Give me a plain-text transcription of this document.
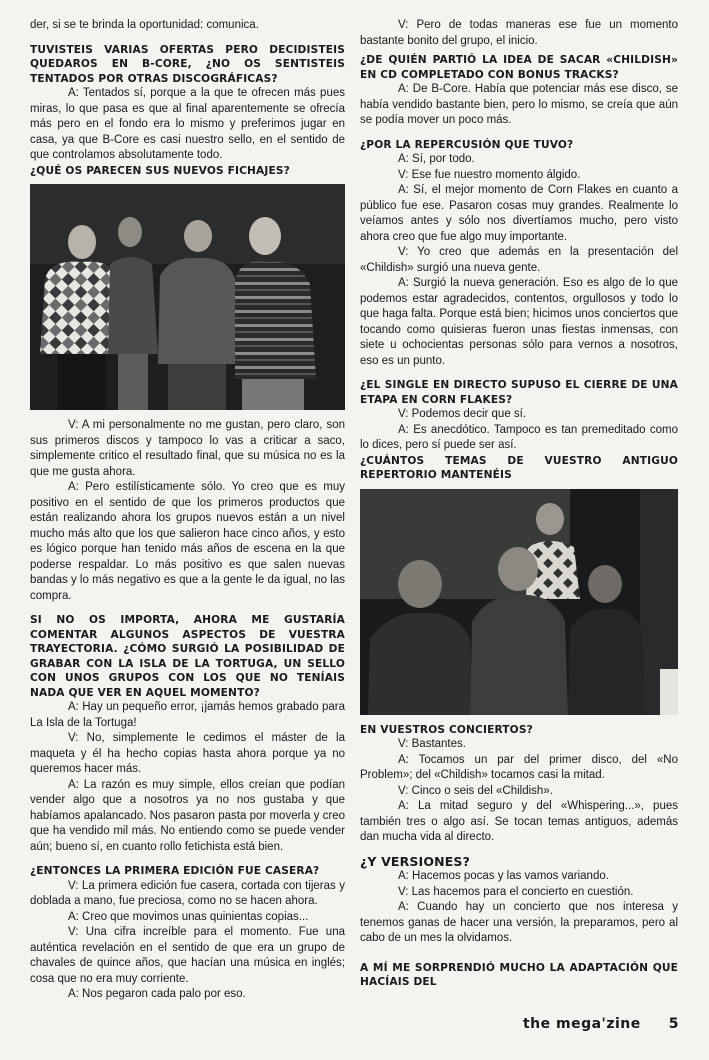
der, si se te brinda la oportunidad: comunica.

TUVISTEIS VARIAS OFERTAS PERO DECIDISTEIS QUEDAROS EN B-CORE, ¿NO OS SENTISTEIS TENTADOS POR OTRAS DISCOGRÁFICAS?

A: Tentados sí, porque a la que te ofrecen más pues miras, lo que pasa es que al final aparentemente se ofrecía más pero en el fondo era lo mismo y preferimos jugar en casa, ya que B-Core es casi nuestro sello, en el sentido de que controlamos absolutamente todo.

¿QUÉ OS PARECEN SUS NUEVOS FICHAJES?

V: A mi personalmente no me gustan, pero claro, son sus primeros discos y tampoco lo vas a criticar a saco, simplemente critico el resultado final, que su música no es la que me gusta ahora.

A: Pero estilísticamente sólo. Yo creo que es muy positivo en el sentido de que los primeros productos que están realizando ahora los grupos nuevos están a un nivel mucho más alto que los que salieron hace cinco años, y esto es lógico porque han tenido más años de escena en la que poderse respaldar. Lo más positivo es que salen nuevas bandas y lo más negativo es que a la gente le da igual, no las compra.

SI NO OS IMPORTA, AHORA ME GUSTARÍA COMENTAR ALGUNOS ASPECTOS DE VUESTRA TRAYECTORIA. ¿CÓMO SURGIÓ LA POSIBILIDAD DE GRABAR CON LA ISLA DE LA TORTUGA, UN SELLO CON UNOS GRUPOS CON LOS QUE NO TENÍAIS NADA QUE VER EN AQUEL MOMENTO?

A: Hay un pequeño error, ¡jamás hemos grabado para La Isla de la Tortuga!

V: No, simplemente le cedimos el máster de la maqueta y él ha hecho copias hasta ahora porque ya no queremos hacer más.

A: La razón es muy simple, ellos creían que podían vender algo que a nosotros ya no nos gustaba y que habíamos apalancado. Nos pasaron pasta por moverla y creo que ha vendido mil más. No entiendo como se puede vender aún; bueno sí, en cuanto rollo fetichista está bien.

¿ENTONCES LA PRIMERA EDICIÓN FUE CASERA?

V: La primera edición fue casera, cortada con tijeras y doblada a mano, fue preciosa, como no se hacen ahora.

A: Creo que movimos unas quinientas copias...

V: Una cifra increíble para el momento. Fue una auténtica revelación en el sentido de que era un grupo de chavales de quince años, que hacían una música en inglés; cosa que no era muy corriente.

A: Nos pegaron cada palo por eso.

V: Pero de todas maneras ese fue un momento bastante bonito del grupo, el inicio.

¿DE QUIÉN PARTIÓ LA IDEA DE SACAR «CHILDISH» EN CD COMPLETADO CON BONUS TRACKS?

A: De B-Core. Había que potenciar más ese disco, se había vendido bastante bien, pero lo mismo, se creía que aún se podía mover un poco más.

¿POR LA REPERCUSIÓN QUE TUVO?

A: Sí, por todo.

V: Ese fue nuestro momento álgido.

A: Sí, el mejor momento de Corn Flakes en cuanto a público fue ese. Pasaron cosas muy grandes. Realmente lo veíamos antes y sólo nos divertíamos mucho, pero visto ahora creo que fue algo muy importante.

V: Yo creo que además en la presentación del «Childish» surgió una nueva gente.

A: Surgió la nueva generación. Eso es algo de lo que podemos estar agradecidos, contentos, orgullosos y todo lo que haga falta. Porque está bien; hicimos unos conciertos que tocando como quisieras fueron unas fiestas inmensas, con siete u ochocientas personas sólo para vernos a nosotros, eso es un punto.

¿EL SINGLE EN DIRECTO SUPUSO EL CIERRE DE UNA ETAPA EN CORN FLAKES?

V: Podemos decir que sí.

A: Es anecdótico. Tampoco es tan premeditado como lo dices, pero sí puede ser así.

¿CUÁNTOS TEMAS DE VUESTRO ANTIGUO REPERTORIO MANTENÉIS

EN VUESTROS CONCIERTOS?

V: Bastantes.

A: Tocamos un par del primer disco, del «No Problem»; del «Childish» tocamos casi la mitad.

V: Cinco o seis del «Childish».

A: La mitad seguro y del «Whispering...», pues también tres o algo así. Se tocan temas antiguos, además dan mucha vida al directo.

¿Y VERSIONES?

A: Hacemos pocas y las vamos variando.

V: Las hacemos para el concierto en cuestión.

A: Cuando hay un concierto que nos interesa y tenemos ganas de hacer una versión, la preparamos, pero al cabo de un mes la olvidamos.

A MÍ ME SORPRENDIÓ MUCHO LA ADAPTACIÓN QUE HACÍAIS DEL

the mega'zine 5
